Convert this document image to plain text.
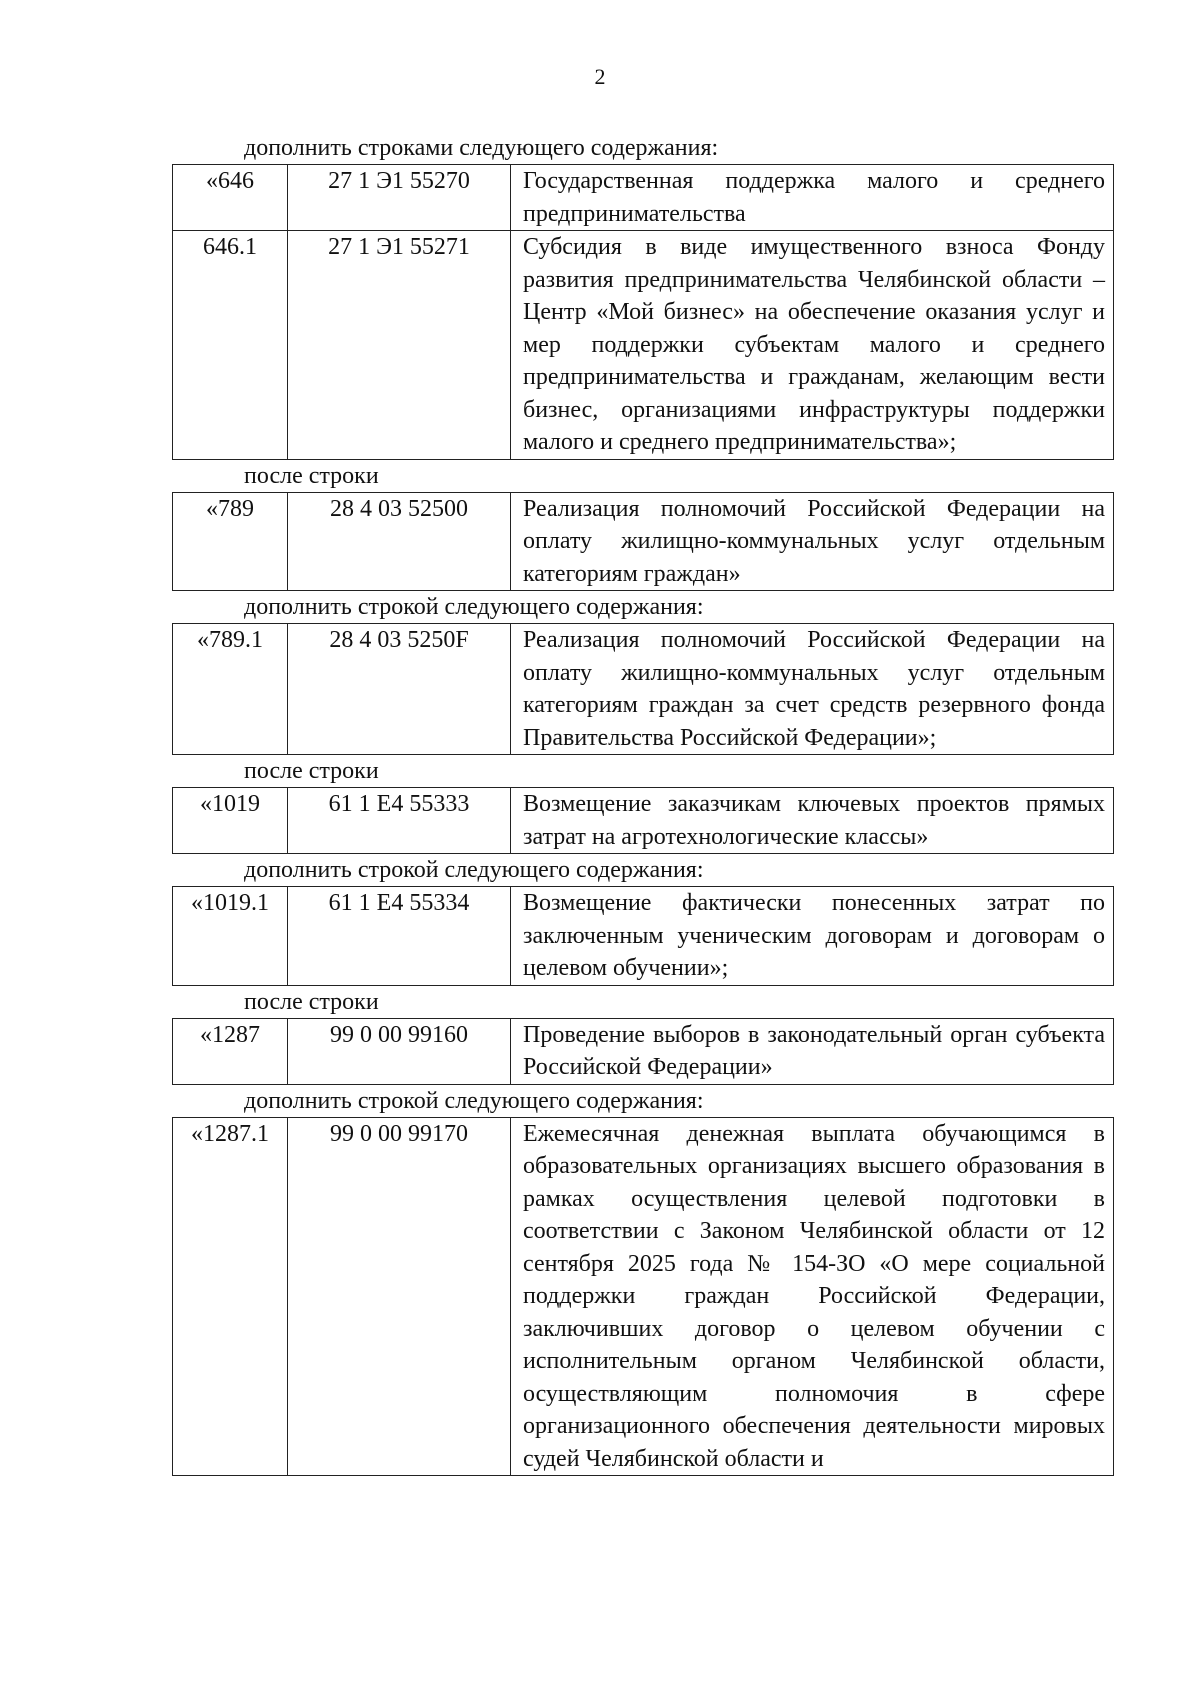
2
дополнить строками следующего содержания:
«646	27 1 Э1 55270	Государственная поддержка малого и среднего предпринимательства
646.1	27 1 Э1 55271	Субсидия в виде имущественного взноса Фонду развития предпринимательства Челябинской области – Центр «Мой бизнес» на обеспечение оказания услуг и мер поддержки субъектам малого и среднего предпринимательства и гражданам, желающим вести бизнес, организациями инфраструктуры поддержки малого и среднего предпринимательства»;
после строки
«789	28 4 03 52500	Реализация полномочий Российской Федерации на оплату жилищно-коммунальных услуг отдельным категориям граждан»
дополнить строкой следующего содержания:
«789.1	28 4 03 5250F	Реализация полномочий Российской Федерации на оплату жилищно-коммунальных услуг отдельным категориям граждан за счет средств резервного фонда Правительства Российской Федерации»;
после строки
«1019	61 1 E4 55333	Возмещение заказчикам ключевых проектов прямых затрат на агротехнологические классы»
дополнить строкой следующего содержания:
«1019.1	61 1 E4 55334	Возмещение фактически понесенных затрат по заключенным ученическим договорам и договорам о целевом обучении»;
после строки
«1287	99 0 00 99160	Проведение выборов в законодательный орган субъекта Российской Федерации»
дополнить строкой следующего содержания:
«1287.1	99 0 00 99170	Ежемесячная денежная выплата обучающимся в образовательных организациях высшего образования в рамках осуществления целевой подготовки в соответствии с Законом Челябинской области от 12 сентября 2025 года № 154-ЗО «О мере социальной поддержки граждан Российской Федерации, заключивших договор о целевом обучении с исполнительным органом Челябинской области, осуществляющим полномочия в сфере организационного обеспечения деятельности мировых судей Челябинской области и
